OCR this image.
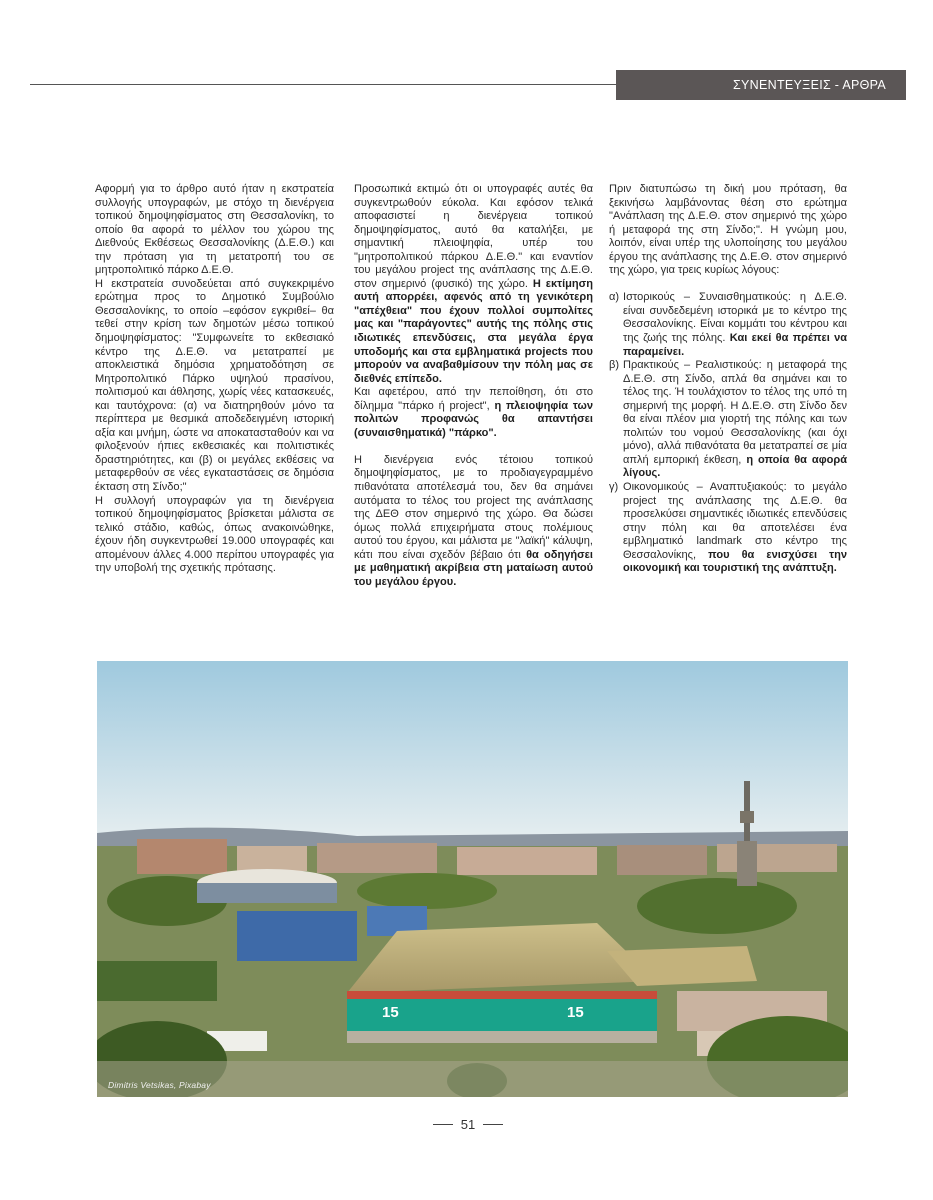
ΣΥΝΕΝΤΕΥΞΕΙΣ - ΑΡΘΡΑ

Αφορμή για το άρθρο αυτό ήταν η εκστρατεία συλλογής υπογραφών, με στόχο τη διενέργεια τοπικού δημοψηφίσματος στη Θεσσαλονίκη, το οποίο θα αφορά το μέλλον του χώρου της Διεθνούς Εκθέσεως Θεσσαλονίκης (Δ.Ε.Θ.) και την πρόταση για τη μετατροπή του σε μητροπολιτικό πάρκο Δ.Ε.Θ.

Η εκστρατεία συνοδεύεται από συγκεκριμένο ερώτημα προς το Δημοτικό Συμβούλιο Θεσσαλονίκης, το οποίο –εφόσον εγκριθεί– θα τεθεί στην κρίση των δημοτών μέσω τοπικού δημοψηφίσματος: "Συμφωνείτε το εκθεσιακό κέντρο της Δ.Ε.Θ. να μετατραπεί με αποκλειστικά δημόσια χρηματοδότηση σε Μητροπολιτικό Πάρκο υψηλού πρασίνου, πολιτισμού και άθλησης, χωρίς νέες κατασκευές, και ταυτόχρονα: (α) να διατηρηθούν μόνο τα περίπτερα με θεσμικά αποδεδειγμένη ιστορική αξία και μνήμη, ώστε να αποκατασταθούν και να φιλοξενούν ήπιες εκθεσιακές και πολιτιστικές δραστηριότητες, και (β) οι μεγάλες εκθέσεις να μεταφερθούν σε νέες εγκαταστάσεις σε δημόσια έκταση στη Σίνδο;"

Η συλλογή υπογραφών για τη διενέργεια τοπικού δημοψηφίσματος βρίσκεται μάλιστα σε τελικό στάδιο, καθώς, όπως ανακοινώθηκε, έχουν ήδη συγκεντρωθεί 19.000 υπογραφές και απομένουν άλλες 4.000 περίπου υπογραφές για την υποβολή της σχετικής πρότασης.

Προσωπικά εκτιμώ ότι οι υπογραφές αυτές θα συγκεντρωθούν εύκολα. Και εφόσον τελικά αποφασιστεί η διενέργεια τοπικού δημοψηφίσματος, αυτό θα καταλήξει, με σημαντική πλειοψηφία, υπέρ του "μητροπολιτικού πάρκου Δ.Ε.Θ." και εναντίον του μεγάλου project της ανάπλασης της Δ.Ε.Θ. στον σημερινό (φυσικό) της χώρο. Η εκτίμηση αυτή απορρέει, αφενός από τη γενικότερη "απέχθεια" που έχουν πολλοί συμπολίτες μας και "παράγοντες" αυτής της πόλης στις ιδιωτικές επενδύσεις, στα μεγάλα έργα υποδομής και στα εμβληματικά projects που μπορούν να αναβαθμίσουν την πόλη μας σε διεθνές επίπεδο.

Και αφετέρου, από την πεποίθηση, ότι στο δίλημμα "πάρκο ή project", η πλειοψηφία των πολιτών προφανώς θα απαντήσει (συναισθηματικά) "πάρκο".

Η διενέργεια ενός τέτοιου τοπικού δημοψηφίσματος, με το προδιαγεγραμμένο πιθανότατα αποτέλεσμά του, δεν θα σημάνει αυτόματα το τέλος του project της ανάπλασης της ΔΕΘ στον σημερινό της χώρο. Θα δώσει όμως πολλά επιχειρήματα στους πολέμιους αυτού του έργου, και μάλιστα με "λαϊκή" κάλυψη, κάτι που είναι σχεδόν βέβαιο ότι θα οδηγήσει με μαθηματική ακρίβεια στη ματαίωση αυτού του μεγάλου έργου.

Πριν διατυπώσω τη δική μου πρόταση, θα ξεκινήσω λαμβάνοντας θέση στο ερώτημα "Ανάπλαση της Δ.Ε.Θ. στον σημερινό της χώρο ή μεταφορά της στη Σίνδο;". Η γνώμη μου, λοιπόν, είναι υπέρ της υλοποίησης του μεγάλου έργου της ανάπλασης της Δ.Ε.Θ. στον σημερινό της χώρο, για τρεις κυρίως λόγους:

α) Ιστορικούς – Συναισθηματικούς: η Δ.Ε.Θ. είναι συνδεδεμένη ιστορικά με το κέντρο της Θεσσαλονίκης. Είναι κομμάτι του κέντρου και της ζωής της πόλης. Και εκεί θα πρέπει να παραμείνει.
β) Πρακτικούς – Ρεαλιστικούς: η μεταφορά της Δ.Ε.Θ. στη Σίνδο, απλά θα σημάνει και το τέλος της. Ή τουλάχιστον το τέλος της υπό τη σημερινή της μορφή. Η Δ.Ε.Θ. στη Σίνδο δεν θα είναι πλέον μια γιορτή της πόλης και των πολιτών του νομού Θεσσαλονίκης (και όχι μόνο), αλλά πιθανότατα θα μετατραπεί σε μία απλή εμπορική έκθεση, η οποία θα αφορά λίγους.
γ) Οικονομικούς – Αναπτυξιακούς: το μεγάλο project της ανάπλασης της Δ.Ε.Θ. θα προσελκύσει σημαντικές ιδιωτικές επενδύσεις στην πόλη και θα αποτελέσει ένα εμβληματικό landmark στο κέντρο της Θεσσαλονίκης, που θα ενισχύσει την οικονομική και τουριστική της ανάπτυξη.
15	15
Dimitris Vetsikas, Pixabay
51
